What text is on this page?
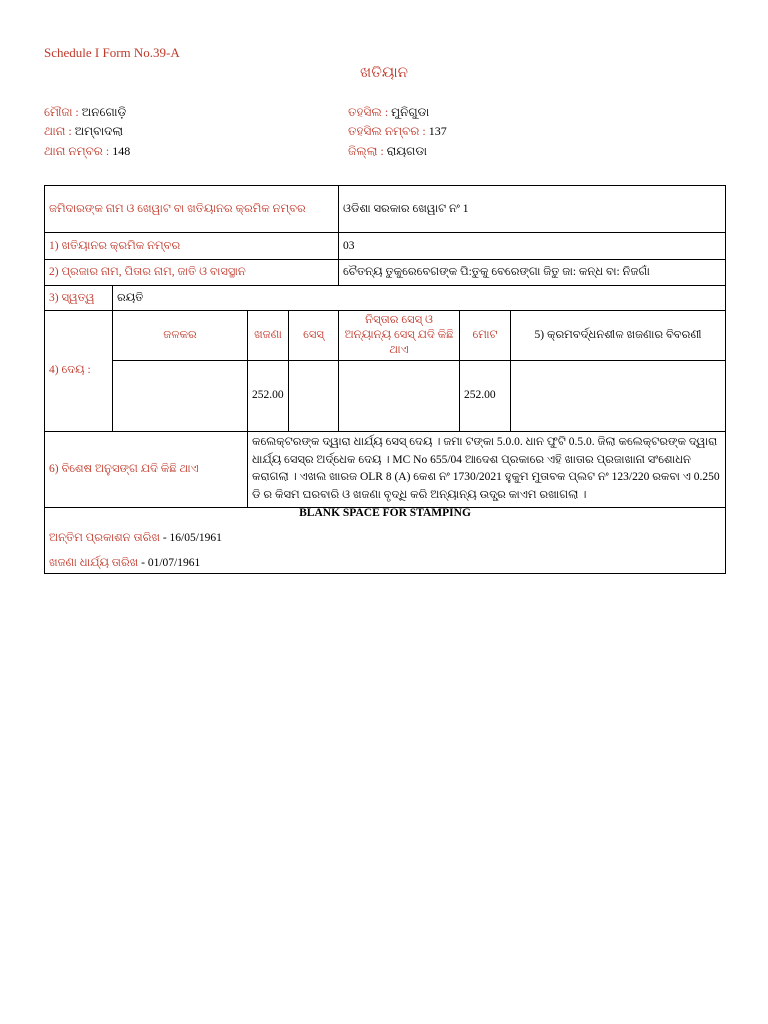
Schedule I Form No.39-A
ଖତିୟାନ
ମୌଜା : ଅନଗୋଡ଼ି	ତହସିଲ : ମୁନିଗୁଡା
ଥାନା : ଅମ୍ବାଦଲା	ତହସିଲ ନମ୍ବର : 137
ଥାନା ନମ୍ବର : 148	ଜିଲ୍ଲା : ରାୟଗଡା
ଜମିଦାରଙ୍କ ନାମ ଓ ଖେୱାଟ ବା ଖତିୟାନର କ୍ରମିକ ନମ୍ବର				ଓଡିଶା ସରକାର ଖେୱାଟ ନଂ 1		
1) ଖତିୟାନର କ୍ରମିକ ନମ୍ବର				03		
2) ପ୍ରଜାର ନାମ, ପିତାର ନାମ, ଜାତି ଓ ବାସସ୍ଥାନ				ଚୈତନ୍ୟ ତୁକୁରେବେଗଙ୍କ ପି:ତୁକୁ ବେରେଙ୍ଗା ଜିତୁ ଜା: କନ୍ଧ ବା: ନିଜଗାଁ		
3) ସ୍ୱତ୍ୱ	ରୟତି					
4) ଦେୟ :	ଜଳକର	ଖଜଣା	ସେସ୍	ନିସ୍ତାର ସେସ୍ ଓ ଅନ୍ୟାନ୍ୟ ସେସ୍ ଯଦି କିଛି ଥାଏ	ମୋଟ	5) କ୍ରମବର୍ଦ୍ଧନଶୀଳ ଖଜଣାର ବିବରଣୀ
		252.00			252.00	
6) ବିଶେଷ ଅନୁସଙ୍ଗ ଯଦି କିଛି ଥାଏ		କଲେକ୍ଟରଙ୍କ ଦ୍ୱାରା ଧାର୍ଯ୍ୟ ସେସ୍ ଦେୟ । ଜମା ଟଙ୍କା 5.0.0. ଧାନ ଫୁଟି 0.5.0. ଜିଲା କଲେକ୍ଟରଙ୍କ ଦ୍ୱାରା ଧାର୍ଯ୍ୟ ସେସ୍ର ଅର୍ଦ୍ଧେକ ଦେୟ । MC No 655/04 ଆଦେଶ ପ୍ରକାରେ ଏହି ଖାତାର ପ୍ରଜାଖାନା ସଂଶୋଧନ କରାଗଲା । ଏଖଲ ଖାରଜ OLR 8 (A) କେଶ ନଂ 1730/2021 ହୁକୁମ ମୁତାବକ ପ୍ଲଟ ନଂ 123/220 ରକବା ଏ 0.250 ଡି ର କିସମ ଘରବାରି ଓ ଖଜଣା ବୃଦ୍ଧି କରି ଅନ୍ୟାନ୍ୟ ଉଦ୍ଧ୍ର କାଏମ ରଖାଗଲା ।				

BLANK SPACE FOR STAMPING
ଅନ୍ତିମ ପ୍ରକାଶନ ତାରିଖ - 16/05/1961
ଖଜଣା ଧାର୍ଯ୍ୟ ତାରିଖ - 01/07/1961						
